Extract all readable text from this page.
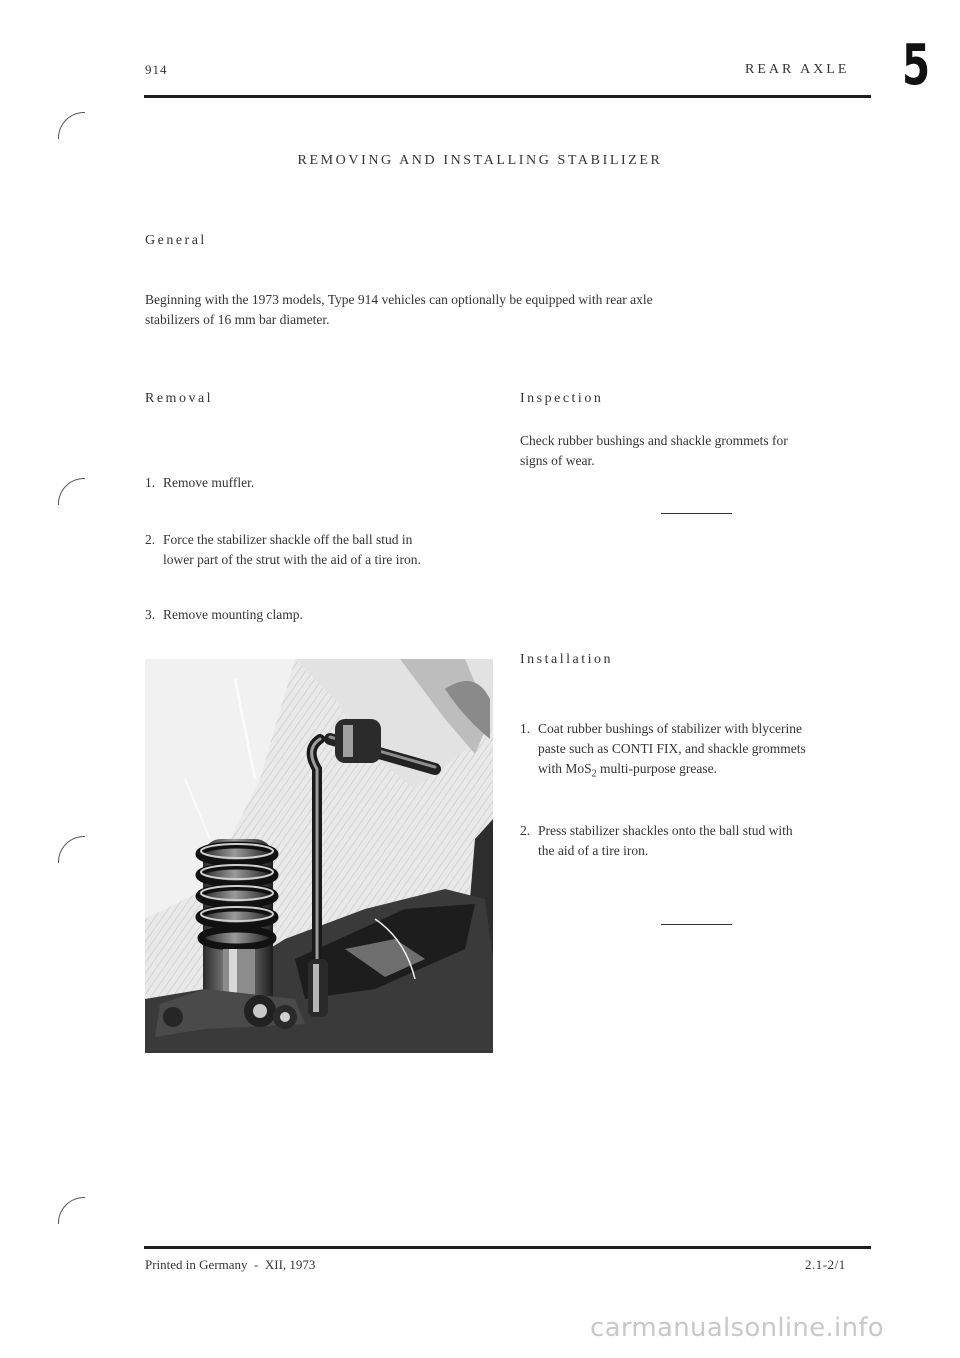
914	REAR AXLE 5
REMOVING AND INSTALLING STABILIZER
General
Beginning with the 1973 models, Type 914 vehicles can optionally be equipped with rear axle
stabilizers of 16 mm bar diameter.
Removal
1. Remove muffler.
2. Force the stabilizer shackle off the ball stud in
lower part of the strut with the aid of a tire iron.
3. Remove mounting clamp.
Inspection
Check rubber bushings and shackle grommets for
signs of wear.
Installation
1. Coat rubber bushings of stabilizer with blycerine
paste such as CONTI FIX, and shackle grommets
with MoS$_2$ multi-purpose grease.
2. Press stabilizer shackles onto the ball stud with
the aid of a tire iron.
Printed in Germany  -  XII, 1973	2.1-2/1
carmanualsonline.info
